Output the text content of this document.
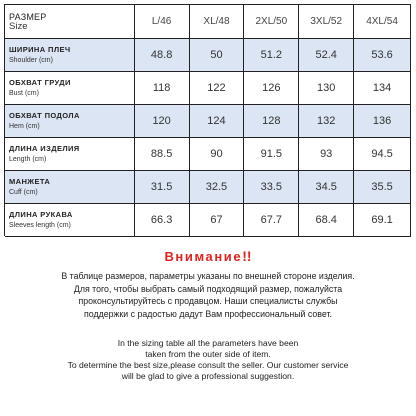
РАЗМЕР
Size	L/46	XL/48	2XL/50	3XL/52	4XL/54
ШИРИНА ПЛЕЧ
Shoulder (cm)	48.8	50	51.2	52.4	53.6
ОБХВАТ ГРУДИ
Bust (cm)	118	122	126	130	134
ОБХВАТ ПОДОЛА
Hem (cm)	120	124	128	132	136
ДЛИНА ИЗДЕЛИЯ
Length (cm)	88.5	90	91.5	93	94.5
МАНЖЕТА
Cuff (cm)	31.5	32.5	33.5	34.5	35.5
ДЛИНА РУКАВА
Sleeves length (cm)	66.3	67	67.7	68.4	69.1
Внимание!!
В таблице размеров, параметры указаны по внешней стороне изделия.
Для того, чтобы выбрать самый подходящий размер, пожалуйста
проконсультируйтесь с продавцом. Наши специалисты службы
поддержки с радостью дадут Вам профессиональный совет.
In the sizing table all the parameters have been
taken from the outer side of item.
To determine the best size,please consult the seller. Our customer service
will be glad to give a professional suggestion.
